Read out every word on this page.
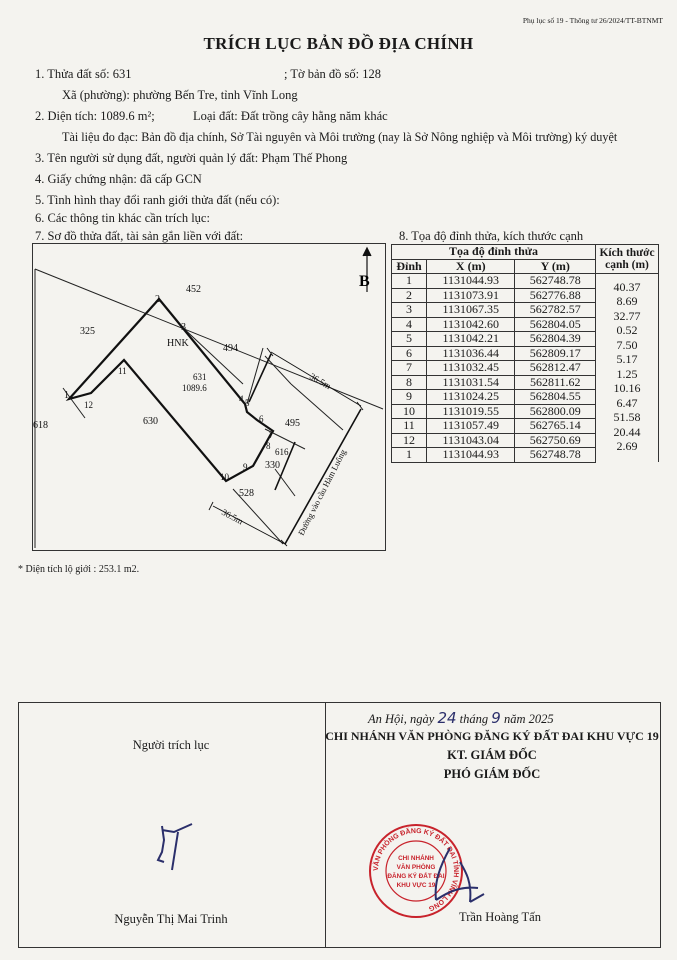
Phụ lục số 19 - Thông tư 26/2024/TT-BTNMT
TRÍCH LỤC BẢN ĐỒ ĐỊA CHÍNH
1. Thửa đất số: 631	; Tờ bản đồ số: 128
Xã (phường): phường Bến Tre, tỉnh Vĩnh Long
2. Diện tích: 1089.6 m²;	Loại đất: Đất trồng cây hằng năm khác
Tài liệu đo đạc: Bản đồ địa chính, Sở Tài nguyên và Môi trường (nay là Sở Nông nghiệp và Môi trường) ký duyệt
3. Tên người sử dụng đất, người quản lý đất: Phạm Thế Phong
4. Giấy chứng nhận: đã cấp GCN
5. Tình hình thay đổi ranh giới thửa đất (nếu có):
6. Các thông tin khác cần trích lục:
7. Sơ đồ thửa đất, tài sản gắn liền với đất:	8. Tọa độ đỉnh thửa, kích thước cạnh
B
HNK
631
1089.6
452
325
494
618	630	495
616
330
528
1
2
3
4 5
6
7
8
9
10
11
12
36.5m
36.5m	Đường vào cầu Hàm Luông
Tọa độ đỉnh thửa			Kích thước cạnh (m)
Đỉnh	X (m)	Y (m)	
1	1131044.93	562748.78	40.37
2	1131073.91	562776.88	8.69
3	1131067.35	562782.57	32.77
4	1131042.60	562804.05	0.52
5	1131042.21	562804.39	7.50
6	1131036.44	562809.17	5.17
7	1131032.45	562812.47	1.25
8	1131031.54	562811.62	10.16
9	1131024.25	562804.55	6.47
10	1131019.55	562800.09	51.58
11	1131057.49	562765.14	20.44
12	1131043.04	562750.69	2.69
1	1131044.93	562748.78	
* Diện tích lộ giới : 253.1 m2.
An Hội, ngày 24 tháng 9 năm 2025
CHI NHÁNH VĂN PHÒNG ĐĂNG KÝ ĐẤT ĐAI KHU VỰC 19
KT. GIÁM ĐỐC
PHÓ GIÁM ĐỐC
Người trích lục
Nguyễn Thị Mai Trinh	Trần Hoàng Tấn
VĂN PHÒNG ĐĂNG KÝ ĐẤT ĐAI TỈNH VĨNH LONG
CHI NHÁNH
VĂN PHÒNG
ĐĂNG KÝ ĐẤT ĐAI
KHU VỰC 19
